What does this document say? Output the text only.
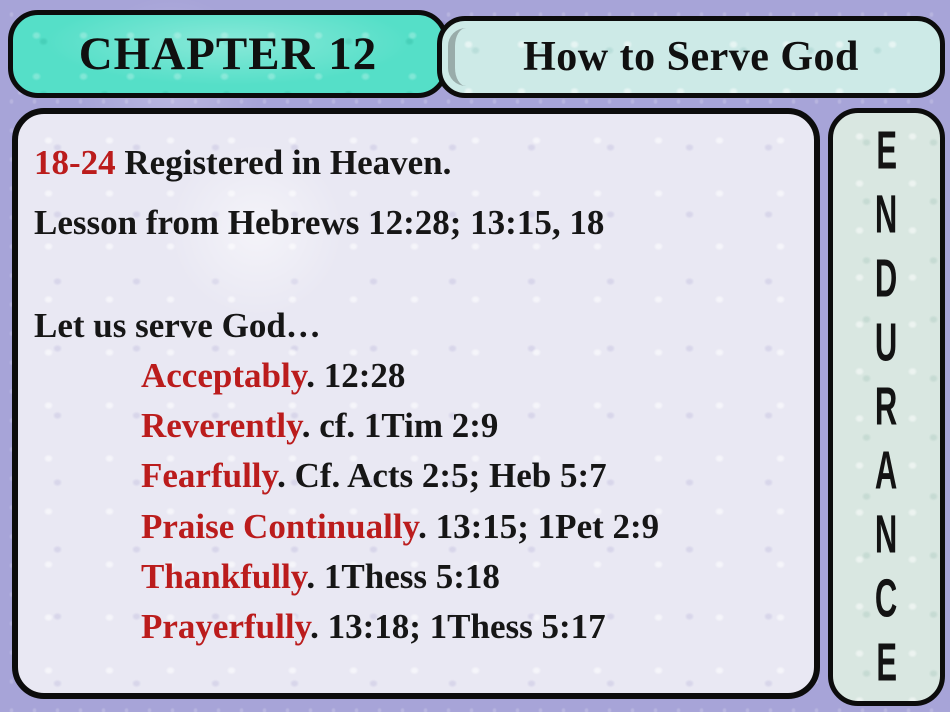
CHAPTER 12	How to Serve God

18-24 Registered in Heaven.

Lesson from Hebrews 12:28; 13:15, 18

Let us serve God…

Acceptably. 12:28
Reverently. cf. 1Tim 2:9
Fearfully. Cf. Acts 2:5; Heb 5:7
Praise Continually. 13:15; 1Pet 2:9
Thankfully. 1Thess 5:18
Prayerfully. 13:18; 1Thess 5:17
E
N
D
U
R
A
N
C
E
